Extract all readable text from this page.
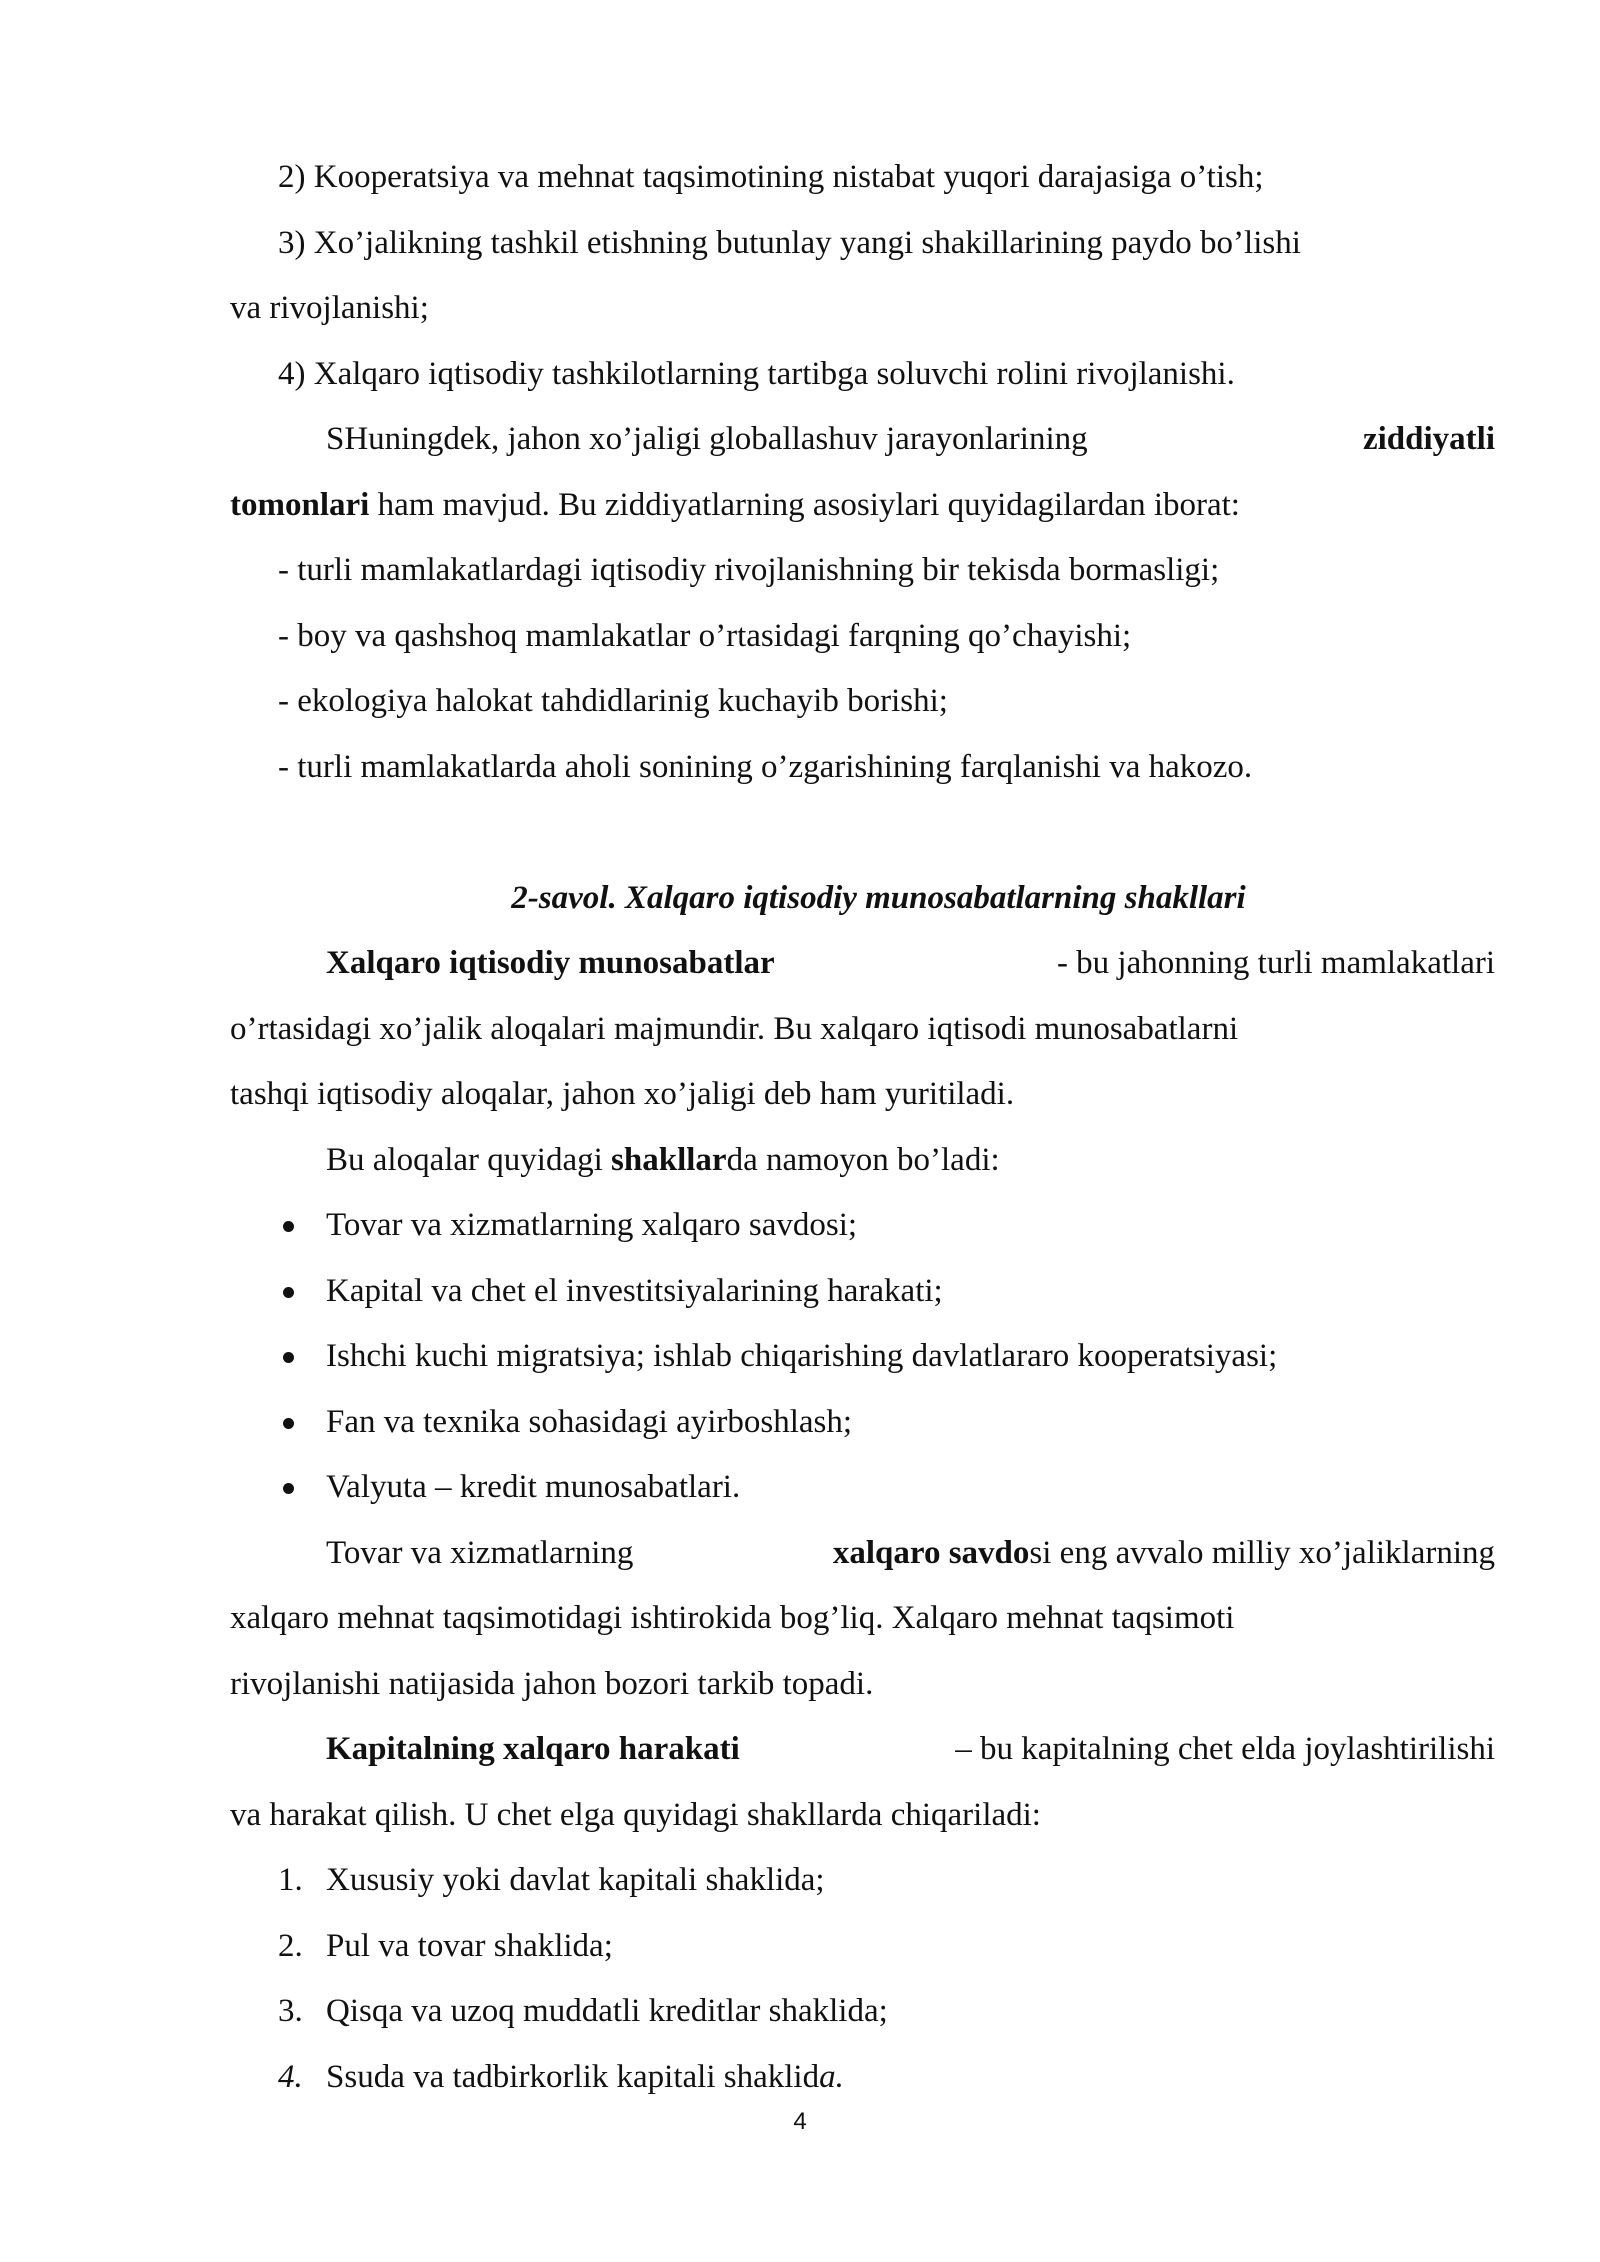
2) Kooperatsiya va mehnat taqsimotining nistabat yuqori darajasiga o’tish;
3) Xo’jalikning tashkil etishning butunlay yangi shakillarining paydo bo’lishi
va rivojlanishi;
4) Xalqaro iqtisodiy tashkilotlarning tartibga soluvchi rolini rivojlanishi.
SHuningdek, jahon xo’jaligi globallashuv jarayonlarining	ziddiyatli
tomonlari ham mavjud. Bu ziddiyatlarning asosiylari quyidagilardan iborat:
- turli mamlakatlardagi iqtisodiy rivojlanishning bir tekisda bormasligi;
- boy va qashshoq mamlakatlar o’rtasidagi farqning qo’chayishi;
- ekologiya halokat tahdidlarinig kuchayib borishi;
- turli mamlakatlarda aholi sonining o’zgarishining farqlanishi va hakozo.
2-savol. Xalqaro iqtisodiy munosabatlarning shakllari
Xalqaro iqtisodiy munosabatlar	- bu jahonning turli mamlakatlari
o’rtasidagi xo’jalik aloqalari majmundir. Bu xalqaro iqtisodi munosabatlarni
tashqi iqtisodiy aloqalar, jahon xo’jaligi deb ham yuritiladi.
Bu aloqalar quyidagi shakllarda namoyon bo’ladi:
Tovar va xizmatlarning xalqaro savdosi;
Kapital va chet el investitsiyalarining harakati;
Ishchi kuchi migratsiya; ishlab chiqarishing davlatlararo kooperatsiyasi;
Fan va texnika sohasidagi ayirboshlash;
Valyuta – kredit munosabatlari.
Tovar va xizmatlarning	xalqaro savdosi eng avvalo milliy xo’jaliklarning
xalqaro mehnat taqsimotidagi ishtirokida bog’liq. Xalqaro mehnat taqsimoti
rivojlanishi natijasida jahon bozori tarkib topadi.
Kapitalning xalqaro harakati	– bu kapitalning chet elda joylashtirilishi
va harakat qilish. U chet elga quyidagi shakllarda chiqariladi:
1. Xususiy yoki davlat kapitali shaklida;
2. Pul va tovar shaklida;
3. Qisqa va uzoq muddatli kreditlar shaklida;
4. Ssuda va tadbirkorlik kapitali shaklida.
4
